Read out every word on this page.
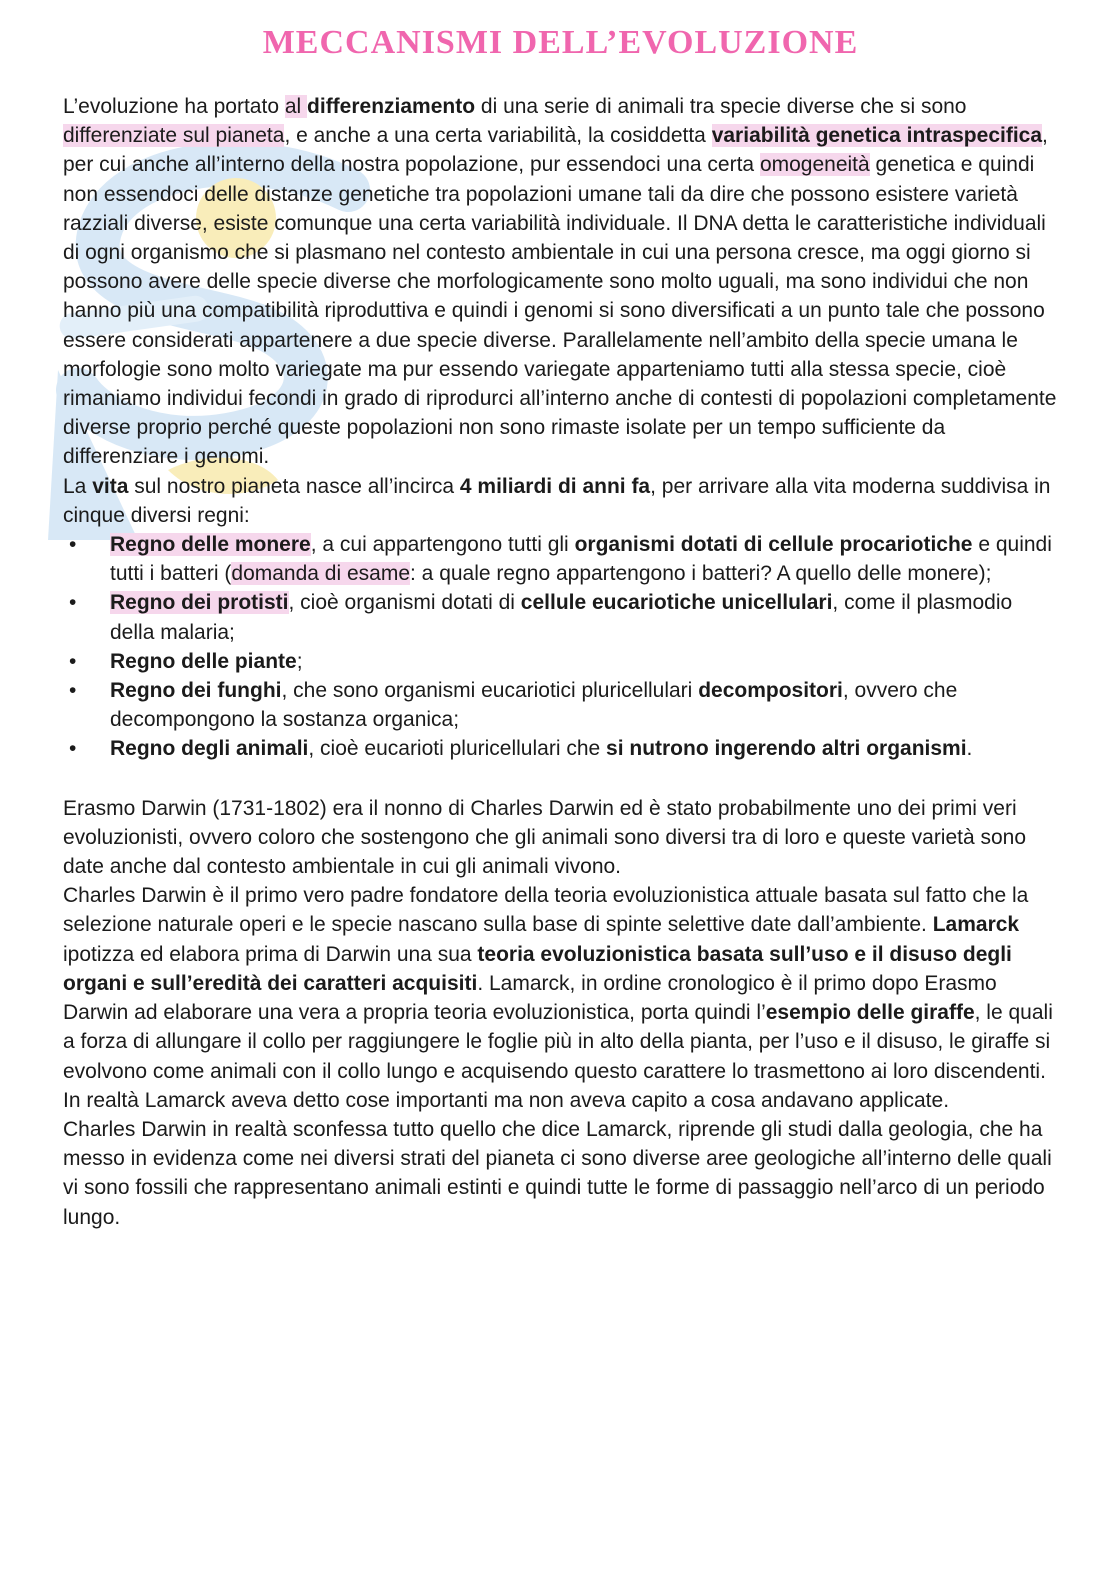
MECCANISMI DELL’EVOLUZIONE

L’evoluzione ha portato al differenziamento di una serie di animali tra specie diverse che si sono differenziate sul pianeta, e anche a una certa variabilità, la cosiddetta variabilità genetica intraspecifica, per cui anche all’interno della nostra popolazione, pur essendoci una certa omogeneità genetica e quindi non essendoci delle distanze genetiche tra popolazioni umane tali da dire che possono esistere varietà razziali diverse, esiste comunque una certa variabilità individuale. Il DNA detta le caratteristiche individuali di ogni organismo che si plasmano nel contesto ambientale in cui una persona cresce, ma oggi giorno si possono avere delle specie diverse che morfologicamente sono molto uguali, ma sono individui che non hanno più una compatibilità riproduttiva e quindi i genomi si sono diversificati a un punto tale che possono essere considerati appartenere a due specie diverse. Parallelamente nell’ambito della specie umana le morfologie sono molto variegate ma pur essendo variegate apparteniamo tutti alla stessa specie, cioè rimaniamo individui fecondi in grado di riprodurci all’interno anche di contesti di popolazioni completamente diverse proprio perché queste popolazioni non sono rimaste isolate per un tempo sufficiente da differenziare i genomi.

La vita sul nostro pianeta nasce all’incirca 4 miliardi di anni fa, per arrivare alla vita moderna suddivisa in cinque diversi regni:

• Regno delle monere, a cui appartengono tutti gli organismi dotati di cellule procariotiche e quindi tutti i batteri (domanda di esame: a quale regno appartengono i batteri? A quello delle monere);
• Regno dei protisti, cioè organismi dotati di cellule eucariotiche unicellulari, come il plasmodio della malaria;
• Regno delle piante;
• Regno dei funghi, che sono organismi eucariotici pluricellulari decompositori, ovvero che decompongono la sostanza organica;
• Regno degli animali, cioè eucarioti pluricellulari che si nutrono ingerendo altri organismi.

Erasmo Darwin (1731-1802) era il nonno di Charles Darwin ed è stato probabilmente uno dei primi veri evoluzionisti, ovvero coloro che sostengono che gli animali sono diversi tra di loro e queste varietà sono date anche dal contesto ambientale in cui gli animali vivono.

Charles Darwin è il primo vero padre fondatore della teoria evoluzionistica attuale basata sul fatto che la selezione naturale operi e le specie nascano sulla base di spinte selettive date dall’ambiente. Lamarck ipotizza ed elabora prima di Darwin una sua teoria evoluzionistica basata sull’uso e il disuso degli organi e sull’eredità dei caratteri acquisiti. Lamarck, in ordine cronologico è il primo dopo Erasmo Darwin ad elaborare una vera a propria teoria evoluzionistica, porta quindi l’esempio delle giraffe, le quali a forza di allungare il collo per raggiungere le foglie più in alto della pianta, per l’uso e il disuso, le giraffe si evolvono come animali con il collo lungo e acquisendo questo carattere lo trasmettono ai loro discendenti. In realtà Lamarck aveva detto cose importanti ma non aveva capito a cosa andavano applicate.

Charles Darwin in realtà sconfessa tutto quello che dice Lamarck, riprende gli studi dalla geologia, che ha messo in evidenza come nei diversi strati del pianeta ci sono diverse aree geologiche all’interno delle quali vi sono fossili che rappresentano animali estinti e quindi tutte le forme di passaggio nell’arco di un periodo lungo.
